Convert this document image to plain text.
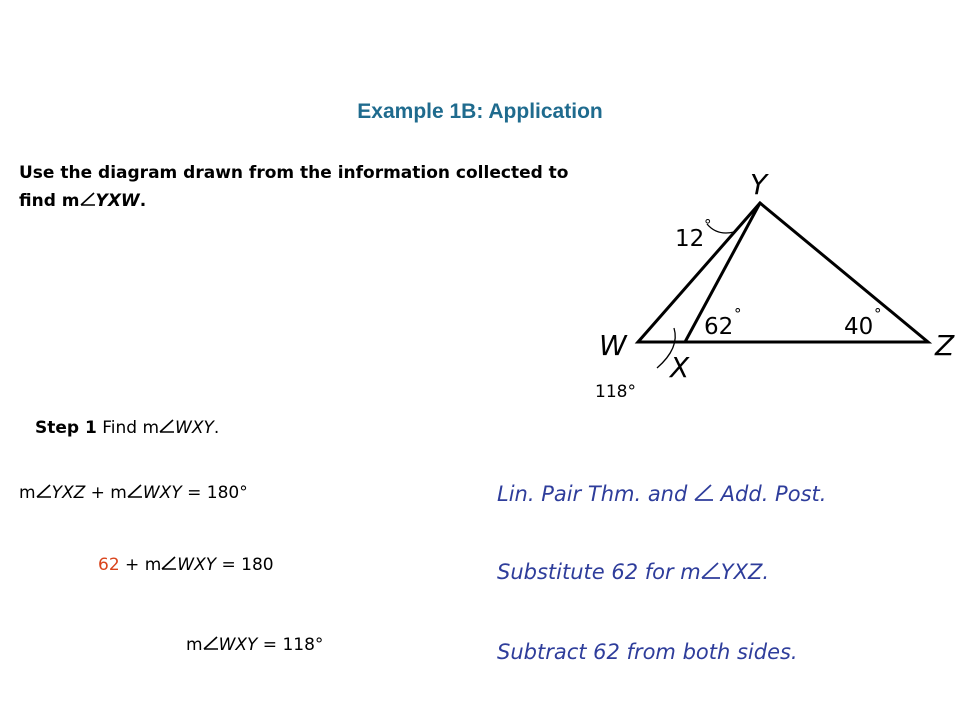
Example 1B: Application
Use the diagram drawn from the information collected to
find m YXW.	Y
W	Z
X
12
°
62 °	40 °
118°
Step 1 Find m WXY.
m YXZ + m WXY = 180°
62 + m WXY = 180
m WXY = 118°
Lin. Pair Thm. and  Add. Post.
Substitute 62 for m YXZ.
Subtract 62 from both sides.
